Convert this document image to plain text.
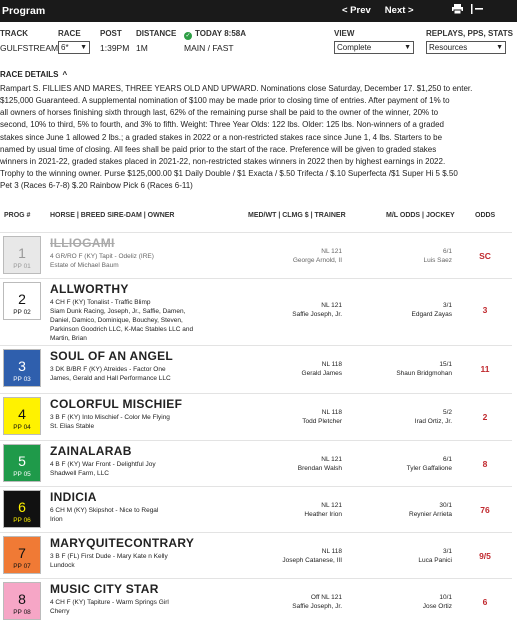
Program	< Prev Next >
TRACK
GULFSTREAM
RACE
6* ▼
POST
1:39PM
DISTANCE
1M
✓ TODAY 8:58A
MAIN / FAST
VIEW
Complete	▼
REPLAYS, PPS, STATS
Resources	▼
RACE DETAILS ^
Rampart S. FILLIES AND MARES, THREE YEARS OLD AND UPWARD. Nominations close Saturday, December 17. $1,250 to enter.
$125,000 Guaranteed. A supplemental nomination of $100 may be made prior to closing time of entries. After payment of 1% to
all owners of horses finishing sixth through last, 62% of the remaining purse shall be paid to the owner of the winner, 20% to
second, 10% to third, 5% to fourth, and 3% to fifth. Weight: Three Year Olds: 122 lbs. Older: 125 lbs. Non-winners of a graded
stakes since June 1 allowed 2 lbs.; a graded stakes in 2022 or a non-restricted stakes race since June 1, 4 lbs. Starters to be
named by usual time of closing. All fees shall be paid prior to the start of the race. Preference will be given to graded stakes
winners in 2021-22, graded stakes placed in 2021-22, non-restricted stakes winners in 2022 then by highest earnings in 2022.
Trophy to the winning owner. Purse $125,000.00 $1 Daily Double / $1 Exacta / $.50 Trifecta / $.10 Superfecta /$1 Super Hi 5 $.50
Pet 3 (Races 6-7-8) $.20 Rainbow Pick 6 (Races 6-11)
PROG #	HORSE | BREED SIRE-DAM | OWNER	MED/WT | CLMG $ | TRAINER	M/L ODDS | JOCKEY	ODDS
1
PP 01
ILLIOGAMI
4 GR/RO F (KY) Tapit - Odeliz (IRE)
Estate of Michael Baum
NL 121
George Arnold, II
6/1
Luis Saez	SC
2
PP 02
ALLWORTHY
4 CH F (KY) Tonalist - Traffic Blimp
Siam Dunk Racing, Joseph, Jr., Saffie, Damen, Daniel, Damico, Dominique, Bouchey, Steven, Parkinson Goodrich LLC, K-Mac Stables LLC and Martin, Brian
NL 121
Saffie Joseph, Jr.
3/1
Edgard Zayas	3
3
PP 03
SOUL OF AN ANGEL
3 DK B/BR F (KY) Atreides - Factor One
James, Gerald and Hall Performance LLC
NL 118
Gerald James
15/1
Shaun Bridgmohan	11
4
PP 04
COLORFUL MISCHIEF
3 B F (KY) Into Mischief - Color Me Flying
St. Elias Stable
NL 118
Todd Pletcher
5/2
Irad Ortiz, Jr.	2
5
PP 05
ZAINALARAB
4 B F (KY) War Front - Delightful Joy
Shadwell Farm, LLC
NL 121
Brendan Walsh
6/1
Tyler Gaffalione	8
6
PP 06
INDICIA
6 CH M (KY) Skipshot - Nice to Regal
Irion
NL 121
Heather Irion
30/1
Reynier Arrieta	76
7
PP 07
MARYQUITECONTRARY
3 B F (FL) First Dude - Mary Kate n Kelly
Lundock
NL 118
Joseph Catanese, III
3/1
Luca Panici	9/5
8
PP 08
MUSIC CITY STAR
4 CH F (KY) Tapiture - Warm Springs Girl
Cherry
Off NL 121
Saffie Joseph, Jr.
10/1
Jose Ortiz	6
